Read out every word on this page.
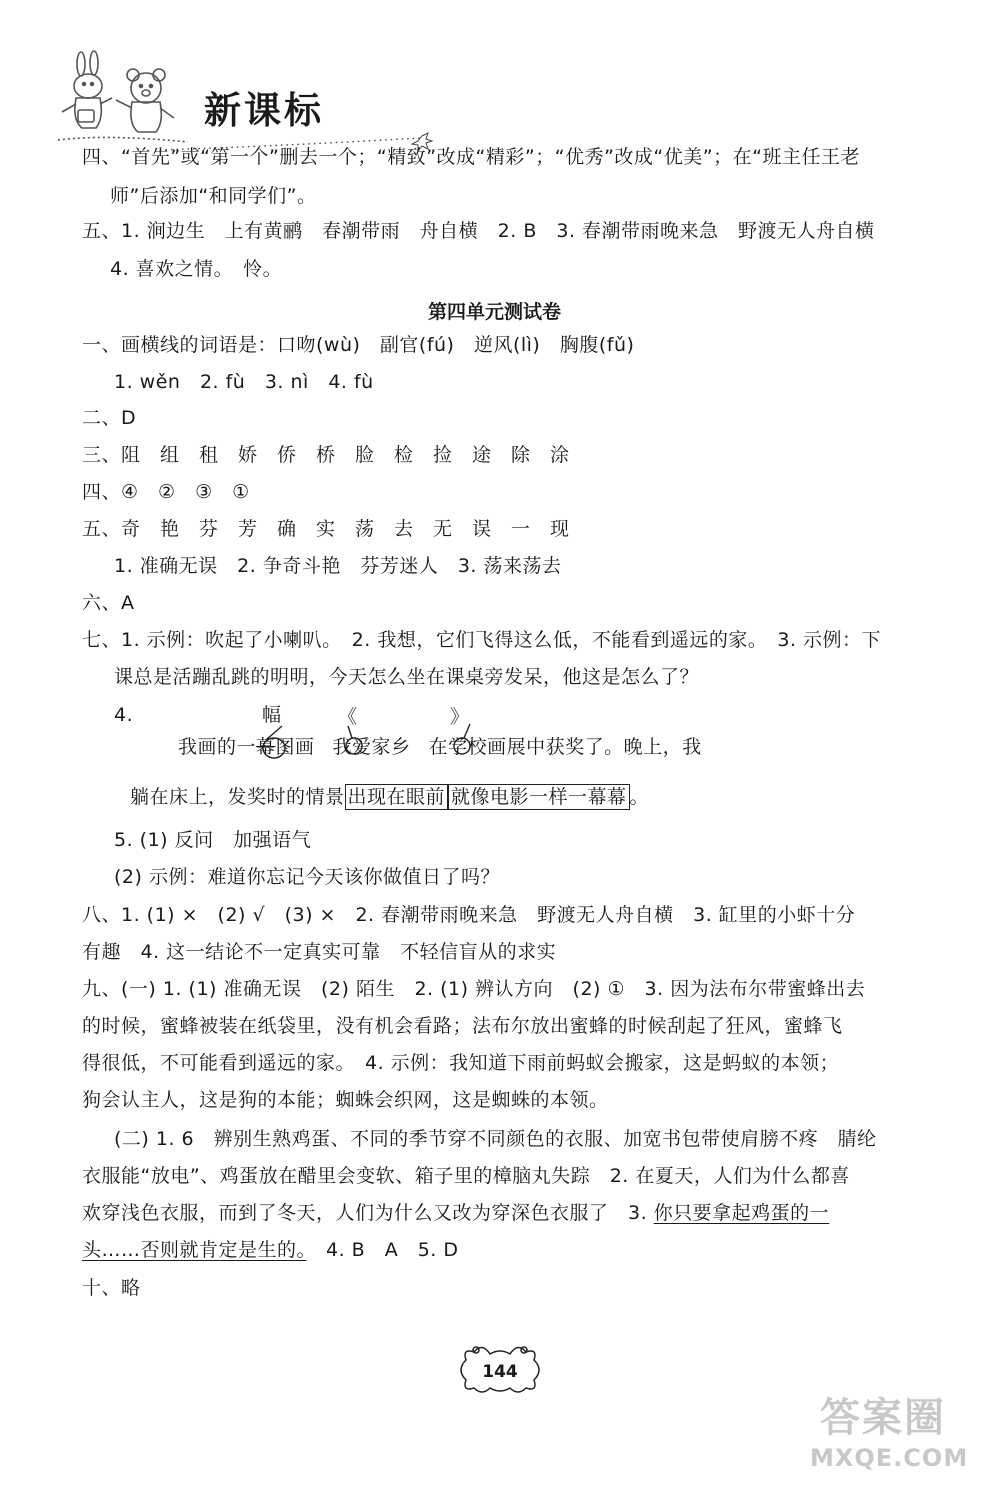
新课标
四、“首先”或“第一个”删去一个；“精致”改成“精彩”；“优秀”改成“优美”；在“班主任王老
师”后添加“和同学们”。
五、1. 涧边生　上有黄鹂　春潮带雨　舟自横　2. B　3. 春潮带雨晚来急　野渡无人舟自横
4. 喜欢之情。　怜。
第四单元测试卷
一、画横线的词语是：口吻(wù)　副官(fú)　逆风(lì)　胸腹(fǔ)
1. wěn　2. fù　3. nì　4. fù
二、D
三、阻　组　租　娇　侨　桥　脸　检　捡　途　除　涂
四、④　②　③　①
五、奇　艳　芬　芳　确　实　荡　去　无　误　一　现
1. 准确无误　2. 争奇斗艳　芬芳迷人　3. 荡来荡去
六、A
七、1. 示例：吹起了小喇叭。　2. 我想，它们飞得这么低，不能看到遥远的家。　3. 示例：下
课总是活蹦乱跳的明明，今天怎么坐在课桌旁发呆，他这是怎么了？
4.	幅	《	》
我画的一幕图画 我爱家乡 在学校画展中获奖了。晚上，我
躺在床上，发奖时的情景 出现在眼前 就像电影一样一幕幕 。
5. (1) 反问　加强语气
(2) 示例：难道你忘记今天该你做值日了吗？
八、1. (1) ×　(2) √　(3) ×　2. 春潮带雨晚来急　野渡无人舟自横　3. 缸里的小虾十分
有趣　4. 这一结论不一定真实可靠　不轻信盲从的求实
九、(一) 1. (1) 准确无误　(2) 陌生　2. (1) 辨认方向　(2) ①　3. 因为法布尔带蜜蜂出去
的时候，蜜蜂被装在纸袋里，没有机会看路；法布尔放出蜜蜂的时候刮起了狂风，蜜蜂飞
得很低，不可能看到遥远的家。　4. 示例：我知道下雨前蚂蚁会搬家，这是蚂蚁的本领；
狗会认主人，这是狗的本能；蜘蛛会织网，这是蜘蛛的本领。
(二) 1. 6　辨别生熟鸡蛋、不同的季节穿不同颜色的衣服、加宽书包带使肩膀不疼　腈纶
衣服能“放电”、鸡蛋放在醋里会变软、箱子里的樟脑丸失踪　2. 在夏天，人们为什么都喜
欢穿浅色衣服，而到了冬天，人们为什么又改为穿深色衣服了　3. 你只要拿起鸡蛋的一
头……否则就肯定是生的。　4. B　A　5. D
十、略
144
答案圈
MXQE.COM
